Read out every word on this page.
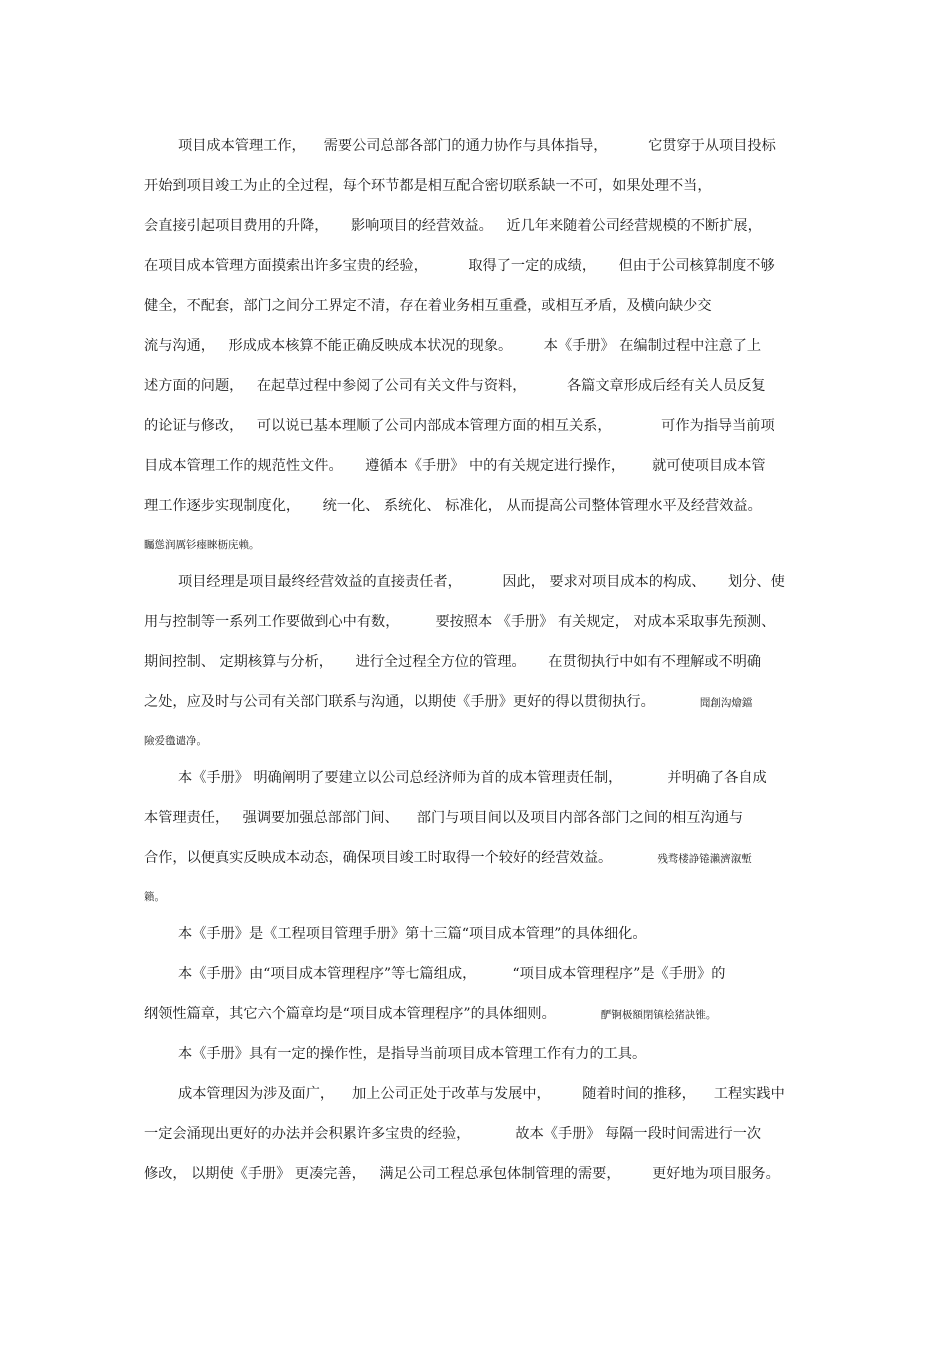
项目成本管理工作，    需要公司总部各部门的通力协作与具体指导，         它贯穿于从项目投标
开始到项目竣工为止的全过程，每个环节都是相互配合密切联系缺一不可，如果处理不当，
会直接引起项目费用的升降，     影响项目的经营效益。   近几年来随着公司经营规模的不断扩展，
在项目成本管理方面摸索出许多宝贵的经验，         取得了一定的成绩，     但由于公司核算制度不够
健全，不配套，部门之间分工界定不清，存在着业务相互重叠，或相互矛盾，及横向缺少交
流与沟通，   形成成本核算不能正确反映成本状况的现象。       本《手册》 在编制过程中注意了上
述方面的问题，   在起草过程中参阅了公司有关文件与资料，         各篇文章形成后经有关人员反复
的论证与修改，   可以说已基本理顺了公司内部成本管理方面的相互关系，           可作为指导当前项
目成本管理工作的规范性文件。     遵循本《手册》 中的有关规定进行操作，      就可使项目成本管
理工作逐步实现制度化，     统一化、 系统化、 标准化， 从而提高公司整体管理水平及经营效益。
矚慫润厲钐瘗睞枥庑赖。
项目经理是项目最终经营效益的直接责任者，         因此， 要求对项目成本的构成、     划分、使
用与控制等一系列工作要做到心中有数，        要按照本 《手册》 有关规定， 对成本采取事先预测、
期间控制、 定期核算与分析，     进行全过程全方位的管理。     在贯彻执行中如有不理解或不明确
之处，应及时与公司有关部门联系与沟通，以期使《手册》更好的得以贯彻执行。	聞創沟燴鐺
險爱氇谴净。
本《手册》 明确阐明了要建立以公司总经济师为首的成本管理责任制，          并明确了各自成
本管理责任，   强调要加强总部部门间、    部门与项目间以及项目内部各部门之间的相互沟通与
合作，以便真实反映成本动态，确保项目竣工时取得一个较好的经营效益。	残骛楼諍锩瀨濟溆塹
籟。
本《手册》是《工程项目管理手册》第十三篇“项目成本管理”的具体细化。
本《手册》由“项目成本管理程序”等七篇组成，        “项目成本管理程序”是《手册》的
纲领性篇章，其它六个篇章均是“项目成本管理程序”的具体细则。	酽锕极額閉镇桧猪訣锥。
本《手册》具有一定的操作性，是指导当前项目成本管理工作有力的工具。
成本管理因为涉及面广，    加上公司正处于改革与发展中，       随着时间的推移，    工程实践中
一定会涌现出更好的办法并会积累许多宝贵的经验，          故本《手册》 每隔一段时间需进行一次
修改， 以期使《手册》 更凑完善，   满足公司工程总承包体制管理的需要，       更好地为项目服务。
